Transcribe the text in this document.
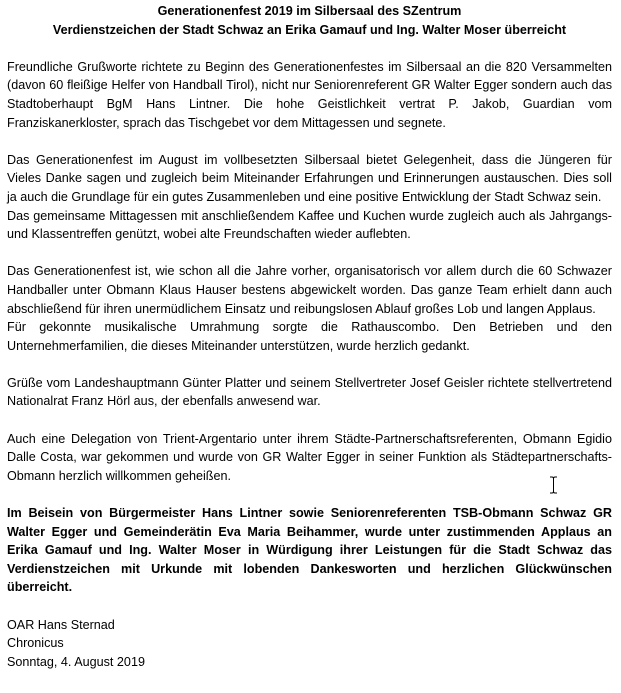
Generationenfest 2019 im Silbersaal des SZentrum

Verdienstzeichen der Stadt Schwaz an Erika Gamauf und Ing. Walter Moser überreicht

Freundliche Grußworte richtete zu Beginn des Generationenfestes im Silbersaal an die 820 Versammelten (davon 60 fleißige Helfer von Handball Tirol), nicht nur Seniorenreferent GR Walter Egger sondern auch das Stadtoberhaupt BgM Hans Lintner. Die hohe Geistlichkeit vertrat P. Jakob, Guardian vom Franziskanerkloster, sprach das Tischgebet vor dem Mittagessen und segnete.

Das Generationenfest im August im vollbesetzten Silbersaal bietet Gelegenheit, dass die Jüngeren für Vieles Danke sagen und zugleich beim Miteinander Erfahrungen und Erinnerungen austauschen. Dies soll ja auch die Grundlage für ein gutes Zusammenleben und eine positive Entwicklung der Stadt Schwaz sein.

Das gemeinsame Mittagessen mit anschließendem Kaffee und Kuchen wurde zugleich auch als Jahrgangs- und Klassentreffen genützt, wobei alte Freundschaften wieder auflebten.

Das Generationenfest ist, wie schon all die Jahre vorher, organisatorisch vor allem durch die 60 Schwazer Handballer unter Obmann Klaus Hauser bestens abgewickelt worden. Das ganze Team erhielt dann auch abschließend für ihren unermüdlichem Einsatz und reibungslosen Ablauf großes Lob und langen Applaus.

Für gekonnte musikalische Umrahmung sorgte die Rathauscombo. Den Betrieben und den Unternehmerfamilien, die dieses Miteinander unterstützen, wurde herzlich gedankt.

Grüße vom Landeshauptmann Günter Platter und seinem Stellvertreter Josef Geisler richtete stellvertretend Nationalrat Franz Hörl aus, der ebenfalls anwesend war.

Auch eine Delegation von Trient-Argentario unter ihrem Städte-Partnerschaftsreferenten, Obmann Egidio Dalle Costa, war gekommen und wurde von GR Walter Egger in seiner Funktion als Städtepartnerschafts-Obmann herzlich willkommen geheißen.

Im Beisein von Bürgermeister Hans Lintner sowie Seniorenreferenten TSB-Obmann Schwaz GR Walter Egger und Gemeinderätin Eva Maria Beihammer, wurde unter zustimmenden Applaus an Erika Gamauf und Ing. Walter Moser in Würdigung ihrer Leistungen für die Stadt Schwaz das Verdienstzeichen mit Urkunde mit lobenden Dankesworten und herzlichen Glückwünschen überreicht.

OAR Hans Sternad

Chronicus

Sonntag, 4. August 2019
